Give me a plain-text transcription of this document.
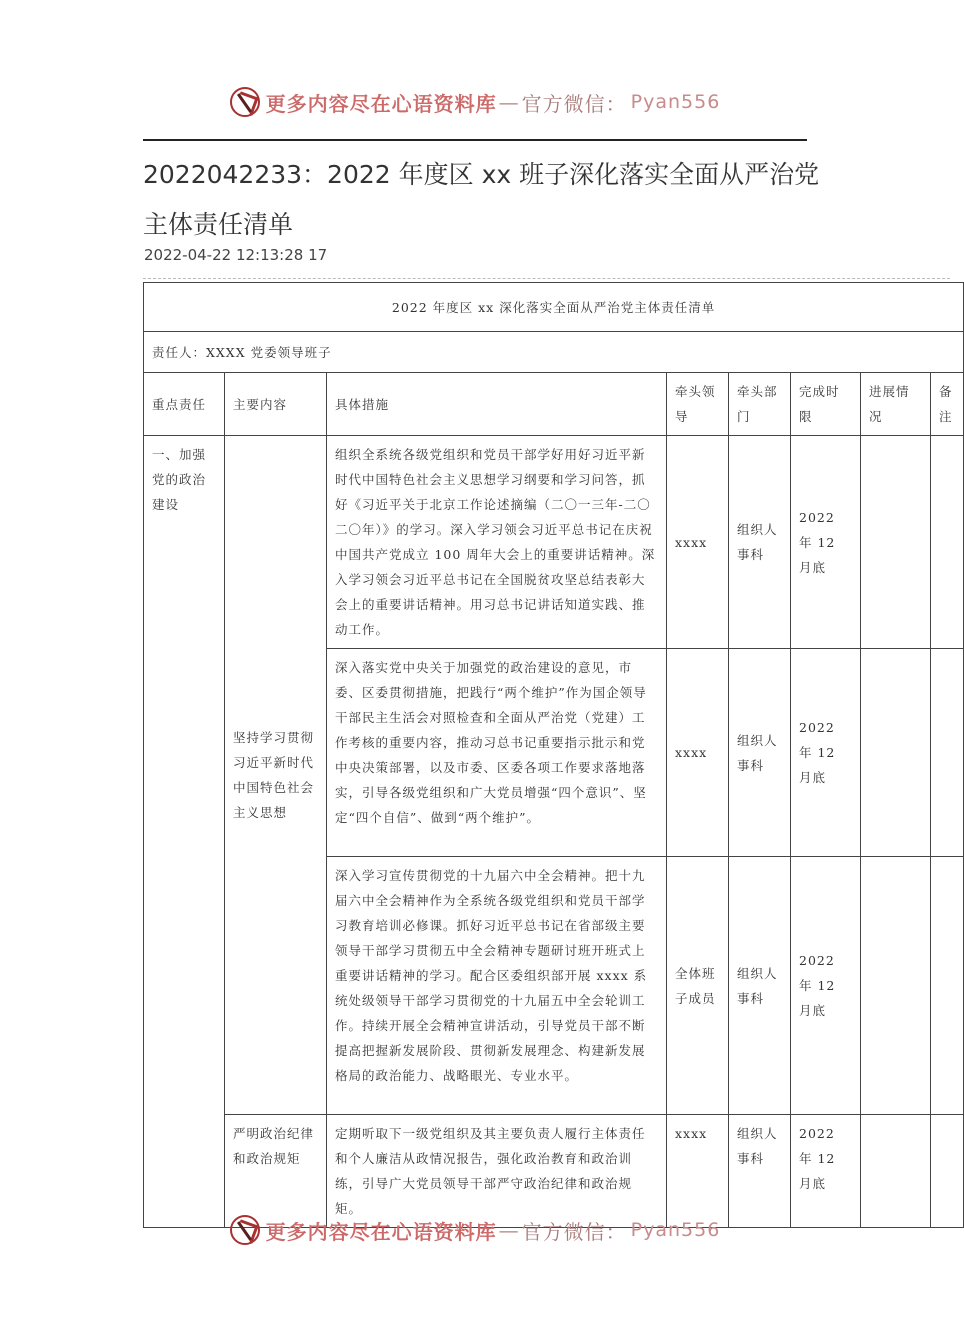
更多内容尽在心语资料库 — 官方微信： Pyan556
2022042233：2022 年度区 xx 班子深化落实全面从严治党主体责任清单
2022-04-22 12:13:28 17
2022 年度区 xx 深化落实全面从严治党主体责任清单							
责任人：XXXX 党委领导班子							
重点责任	主要内容	具体措施	牵头领导	牵头部门	完成时限	进展情况	备注
一、加强党的政治建设	坚持学习贯彻习近平新时代中国特色社会主义思想	组织全系统各级党组织和党员干部学好用好习近平新时代中国特色社会主义思想学习纲要和学习问答，抓好《习近平关于北京工作论述摘编（二〇一三年-二〇二〇年）》的学习。深入学习领会习近平总书记在庆祝中国共产党成立 100 周年大会上的重要讲话精神。深入学习领会习近平总书记在全国脱贫攻坚总结表彰大会上的重要讲话精神。用习总书记讲话知道实践、推动工作。	xxxx	组织人事科	2022 年 12 月底		
		深入落实党中央关于加强党的政治建设的意见，市委、区委贯彻措施，把践行“两个维护”作为国企领导干部民主生活会对照检查和全面从严治党（党建）工作考核的重要内容，推动习总书记重要指示批示和党中央决策部署，以及市委、区委各项工作要求落地落实，引导各级党组织和广大党员增强“四个意识”、坚定“四个自信”、做到“两个维护”。	xxxx	组织人事科	2022 年 12 月底		
		深入学习宣传贯彻党的十九届六中全会精神。把十九届六中全会精神作为全系统各级党组织和党员干部学习教育培训必修课。抓好习近平总书记在省部级主要领导干部学习贯彻五中全会精神专题研讨班开班式上重要讲话精神的学习。配合区委组织部开展 xxxx 系统处级领导干部学习贯彻党的十九届五中全会轮训工作。持续开展全会精神宣讲活动，引导党员干部不断提高把握新发展阶段、贯彻新发展理念、构建新发展格局的政治能力、战略眼光、专业水平。	全体班子成员	组织人事科	2022 年 12 月底		
	严明政治纪律和政治规矩	定期听取下一级党组织及其主要负责人履行主体责任和个人廉洁从政情况报告，强化政治教育和政治训练，引导广大党员领导干部严守政治纪律和政治规矩。	xxxx	组织人事科	2022 年 12 月底		
更多内容尽在心语资料库 — 官方微信： Pyan556
